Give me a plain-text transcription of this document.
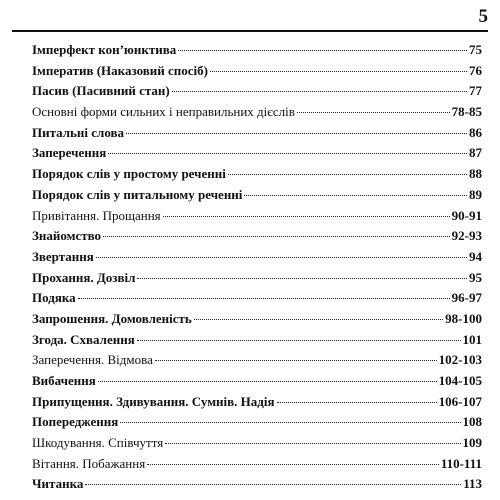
5
Імперфект кон’юнктива	75
Імператив (Наказовий спосіб)	76
Пасив (Пасивний стан)	77
Основні форми сильних і неправильних дієслів	78-85
Питальні слова	86
Заперечення	87
Порядок слів у простому реченні	88
Порядок слів у питальному реченні	89
Привітання. Прощання	90-91
Знайомство	92-93
Звертання	94
Прохання. Дозвіл	95
Подяка	96-97
Запрошення. Домовленість	98-100
Згода. Схвалення	101
Заперечення. Відмова	102-103
Вибачення	104-105
Припущення. Здивування. Сумнів. Надія	106-107
Попередження	108
Шкодування. Співчуття	109
Вітання. Побажання	110-111
Читанка	113
